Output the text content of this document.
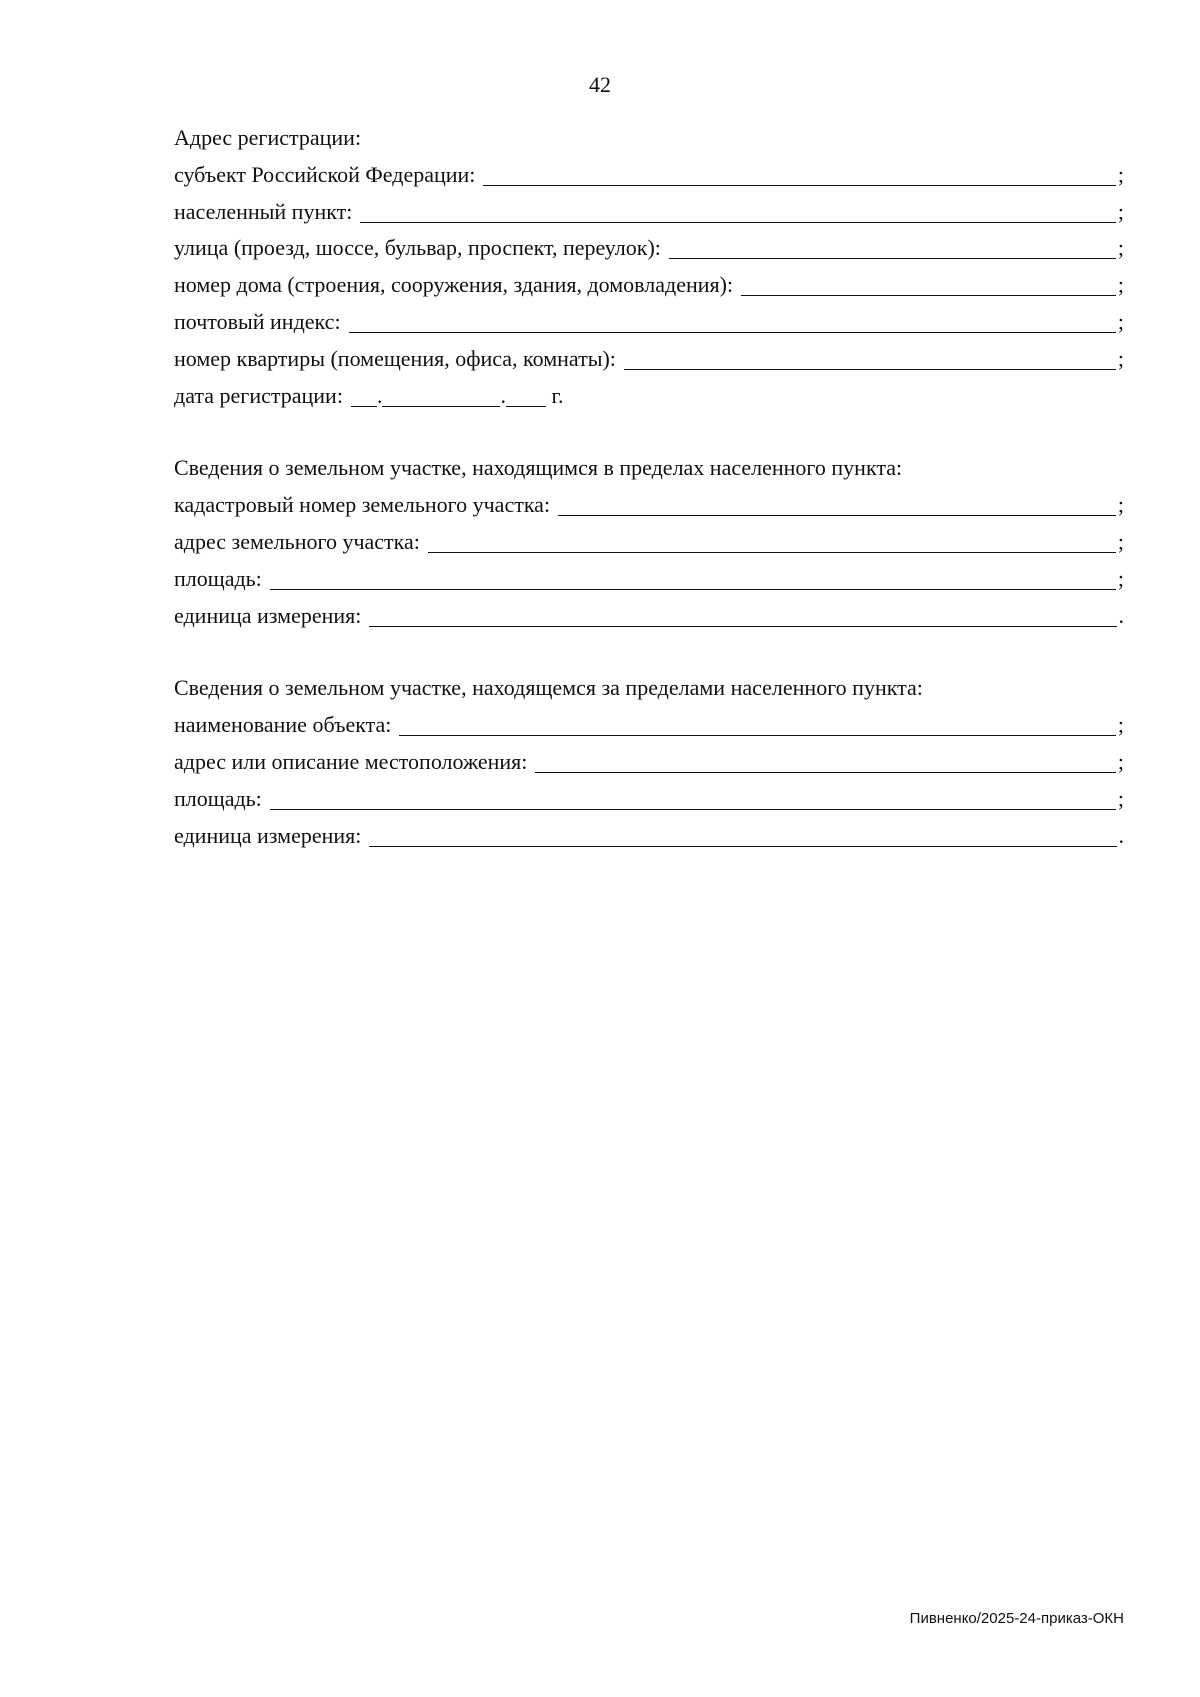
42
Адрес регистрации:
субъект Российской Федерации:	;
населенный пункт:	;
улица (проезд, шоссе, бульвар, проспект, переулок):	;
номер дома (строения, сооружения, здания, домовладения):	;
почтовый индекс:	;
номер квартиры (помещения, офиса, комнаты):	;
дата регистрации: .	. г.
Сведения о земельном участке, находящимся в пределах населенного пункта:
кадастровый номер земельного участка:	;
адрес земельного участка:	;
площадь:	;
единица измерения:	.
Сведения о земельном участке, находящемся за пределами населенного пункта:
наименование объекта:	;
адрес или описание местоположения:	;
площадь:	;
единица измерения:	.
Пивненко/2025-24-приказ-ОКН
